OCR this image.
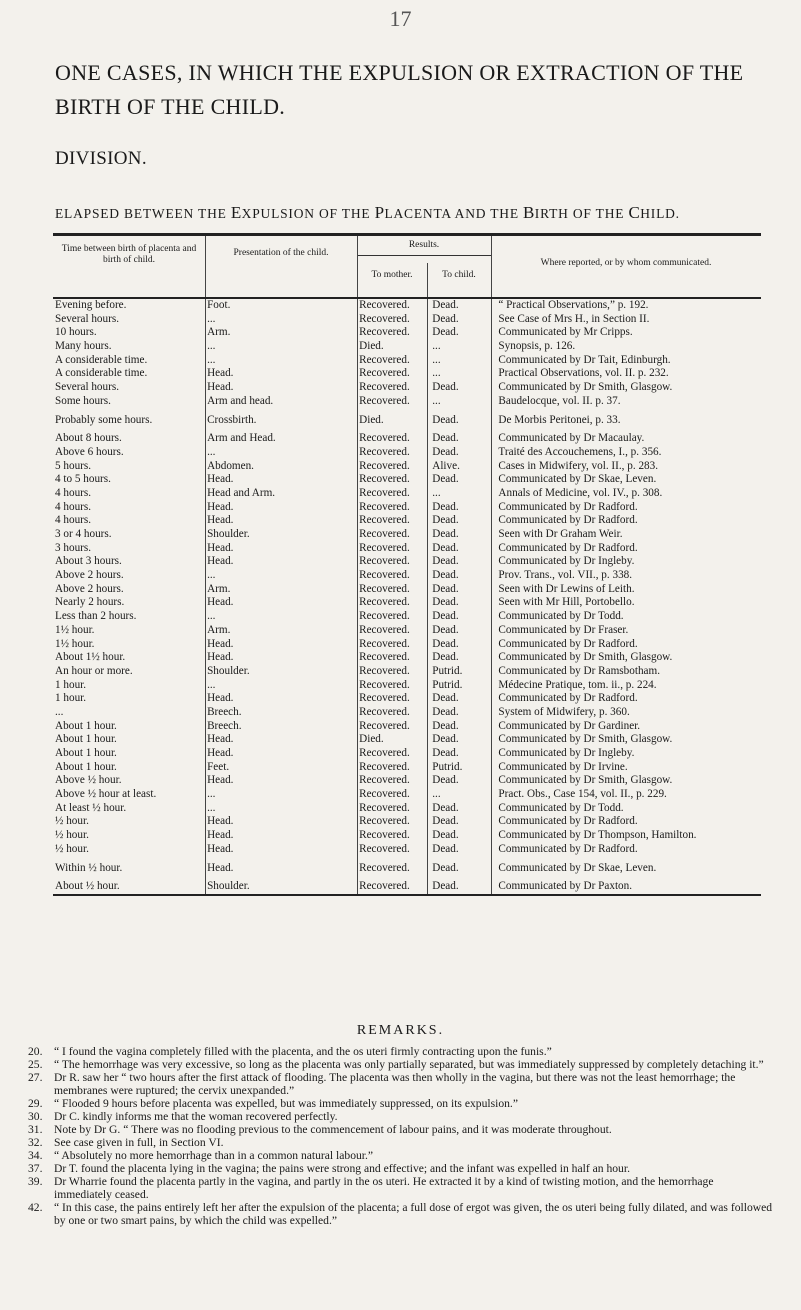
17
ONE CASES, IN WHICH THE EXPULSION OR EXTRACTION OF THE BIRTH OF THE CHILD.
DIVISION.
ELAPSED BETWEEN THE EXPULSION OF THE PLACENTA AND THE BIRTH OF THE CHILD.
Time between birth of placenta and birth of child.
Presentation of the child.
Results.
To mother.	To child.
Where reported, or by whom communicated.
Evening before.	Foot.	Recovered.	Dead.	“ Practical Observations,” p. 192.
Several hours.	...	Recovered.	Dead.	See Case of Mrs H., in Section II.
10 hours.	Arm.	Recovered.	Dead.	Communicated by Mr Cripps.
Many hours.	...	Died.	...	Synopsis, p. 126.
A considerable time.	...	Recovered.	...	Communicated by Dr Tait, Edinburgh.
A considerable time.	Head.	Recovered.	...	Practical Observations, vol. II. p. 232.
Several hours.	Head.	Recovered.	Dead.	Communicated by Dr Smith, Glasgow.
Some hours.	Arm and head.	Recovered.	...	Baudelocque, vol. II. p. 37.
Probably some hours.	Crossbirth.	Died.	Dead.	De Morbis Peritonei, p. 33.
About 8 hours.	Arm and Head.	Recovered.	Dead.	Communicated by Dr Macaulay.
Above 6 hours.	...	Recovered.	Dead.	Traité des Accouchemens, I., p. 356.
5 hours.	Abdomen.	Recovered.	Alive.	Cases in Midwifery, vol. II., p. 283.
4 to 5 hours.	Head.	Recovered.	Dead.	Communicated by Dr Skae, Leven.
4 hours.	Head and Arm.	Recovered.	...	Annals of Medicine, vol. IV., p. 308.
4 hours.	Head.	Recovered.	Dead.	Communicated by Dr Radford.
4 hours.	Head.	Recovered.	Dead.	Communicated by Dr Radford.
3 or 4 hours.	Shoulder.	Recovered.	Dead.	Seen with Dr Graham Weir.
3 hours.	Head.	Recovered.	Dead.	Communicated by Dr Radford.
About 3 hours.	Head.	Recovered.	Dead.	Communicated by Dr Ingleby.
Above 2 hours.	...	Recovered.	Dead.	Prov. Trans., vol. VII., p. 338.
Above 2 hours.	Arm.	Recovered.	Dead.	Seen with Dr Lewins of Leith.
Nearly 2 hours.	Head.	Recovered.	Dead.	Seen with Mr Hill, Portobello.
Less than 2 hours.	...	Recovered.	Dead.	Communicated by Dr Todd.
1½ hour.	Arm.	Recovered.	Dead.	Communicated by Dr Fraser.
1½ hour.	Head.	Recovered.	Dead.	Communicated by Dr Radford.
About 1½ hour.	Head.	Recovered.	Dead.	Communicated by Dr Smith, Glasgow.
An hour or more.	Shoulder.	Recovered.	Putrid.	Communicated by Dr Ramsbotham.
1 hour.	...	Recovered.	Putrid.	Médecine Pratique, tom. ii., p. 224.
1 hour.	Head.	Recovered.	Dead.	Communicated by Dr Radford.
...	Breech.	Recovered.	Dead.	System of Midwifery, p. 360.
About 1 hour.	Breech.	Recovered.	Dead.	Communicated by Dr Gardiner.
About 1 hour.	Head.	Died.	Dead.	Communicated by Dr Smith, Glasgow.
About 1 hour.	Head.	Recovered.	Dead.	Communicated by Dr Ingleby.
About 1 hour.	Feet.	Recovered.	Putrid.	Communicated by Dr Irvine.
Above ½ hour.	Head.	Recovered.	Dead.	Communicated by Dr Smith, Glasgow.
Above ½ hour at least.	...	Recovered.	...	Pract. Obs., Case 154, vol. II., p. 229.
At least ½ hour.	...	Recovered.	Dead.	Communicated by Dr Todd.
½ hour.	Head.	Recovered.	Dead.	Communicated by Dr Radford.
½ hour.	Head.	Recovered.	Dead.	Communicated by Dr Thompson, Hamilton.
½ hour.	Head.	Recovered.	Dead.	Communicated by Dr Radford.
Within ½ hour.	Head.	Recovered.	Dead.	Communicated by Dr Skae, Leven.
About ½ hour.	Shoulder.	Recovered.	Dead.	Communicated by Dr Paxton.
REMARKS.
20. “ I found the vagina completely filled with the placenta, and the os uteri firmly contracting upon the funis.”
25. “ The hemorrhage was very excessive, so long as the placenta was only partially separated, but was immediately suppressed by completely detaching it.”
27. Dr R. saw her “ two hours after the first attack of flooding. The placenta was then wholly in the vagina, but there was not the least hemorrhage; the membranes were ruptured; the cervix unexpanded.”
29. “ Flooded 9 hours before placenta was expelled, but was immediately suppressed, on its expulsion.”
30. Dr C. kindly informs me that the woman recovered perfectly.
31. Note by Dr G. “ There was no flooding previous to the commencement of labour pains, and it was moderate throughout.
32. See case given in full, in Section VI.
34. “ Absolutely no more hemorrhage than in a common natural labour.”
37. Dr T. found the placenta lying in the vagina; the pains were strong and effective; and the infant was expelled in half an hour.
39. Dr Wharrie found the placenta partly in the vagina, and partly in the os uteri. He extracted it by a kind of twisting motion, and the hemorrhage immediately ceased.
42. “ In this case, the pains entirely left her after the expulsion of the placenta; a full dose of ergot was given, the os uteri being fully dilated, and was followed by one or two smart pains, by which the child was expelled.”
